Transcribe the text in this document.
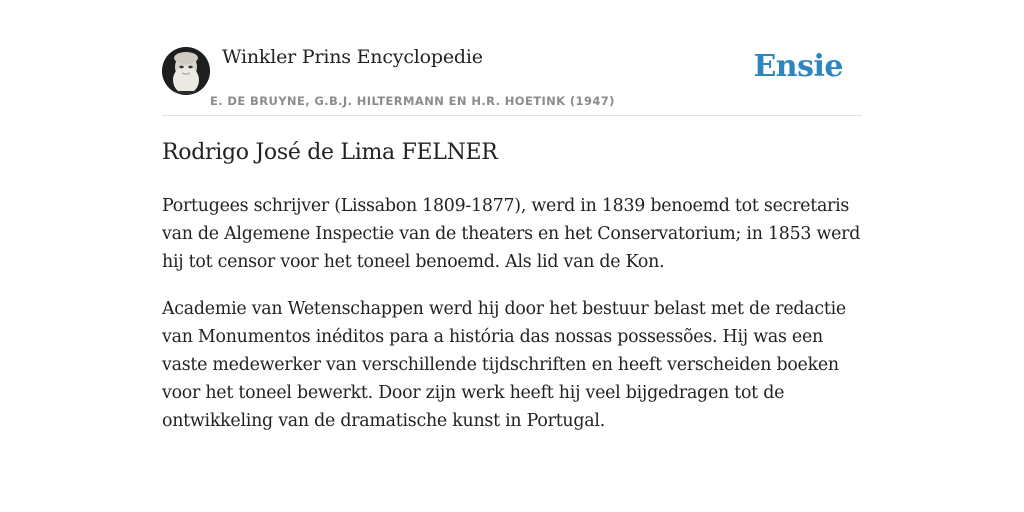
Winkler Prins Encyclopedie
E. DE BRUYNE, G.B.J. HILTERMANN EN H.R. HOETINK (1947)
Ensie
Rodrigo José de Lima FELNER

Portugees schrijver (Lissabon 1809-1877), werd in 1839 benoemd tot secretaris van de Algemene Inspectie van de theaters en het Conservatorium; in 1853 werd hij tot censor voor het toneel benoemd. Als lid van de Kon.

Academie van Wetenschappen werd hij door het bestuur belast met de redactie van Monumentos inéditos para a história das nossas possessões. Hij was een vaste medewerker van verschillende tijdschriften en heeft verscheiden boeken voor het toneel bewerkt. Door zijn werk heeft hij veel bijgedragen tot de ontwikkeling van de dramatische kunst in Portugal.
